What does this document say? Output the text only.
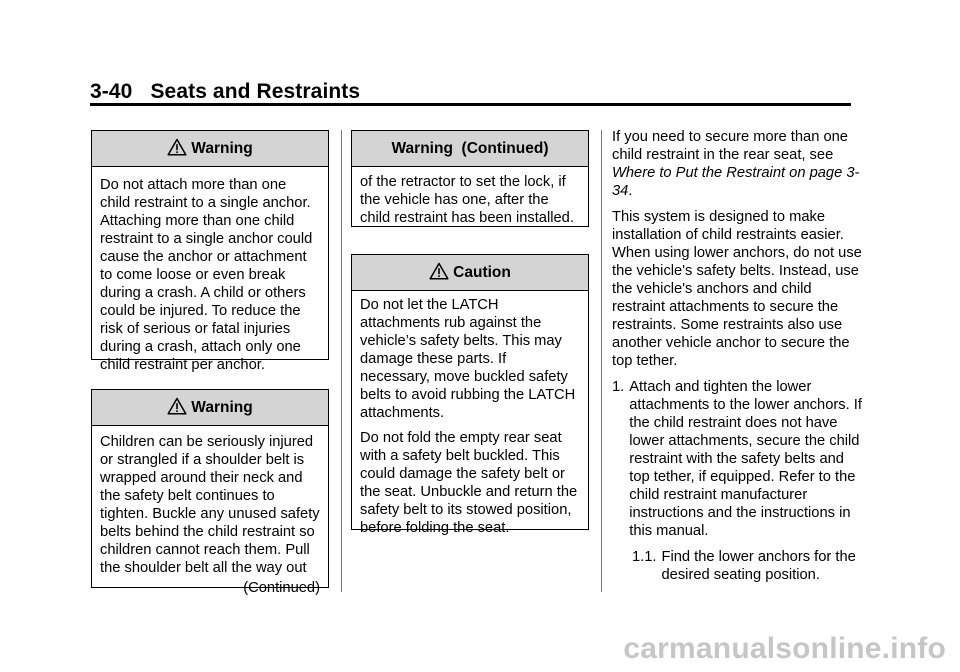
3-40 Seats and Restraints
Warning

Do not attach more than one child restraint to a single anchor. Attaching more than one child restraint to a single anchor could cause the anchor or attachment to come loose or even break during a crash. A child or others could be injured. To reduce the risk of serious or fatal injuries during a crash, attach only one child restraint per anchor.

Warning

Children can be seriously injured or strangled if a shoulder belt is wrapped around their neck and the safety belt continues to tighten. Buckle any unused safety belts behind the child restraint so children cannot reach them. Pull the shoulder belt all the way out

(Continued)
Warning  (Continued)

of the retractor to set the lock, if the vehicle has one, after the child restraint has been installed.

Caution

Do not let the LATCH attachments rub against the vehicle’s safety belts. This may damage these parts. If necessary, move buckled safety belts to avoid rubbing the LATCH attachments.

Do not fold the empty rear seat with a safety belt buckled. This could damage the safety belt or the seat. Unbuckle and return the safety belt to its stowed position, before folding the seat.

If you need to secure more than one child restraint in the rear seat, see Where to Put the Restraint on page 3-34.

This system is designed to make installation of child restraints easier. When using lower anchors, do not use the vehicle's safety belts. Instead, use the vehicle's anchors and child restraint attachments to secure the restraints. Some restraints also use another vehicle anchor to secure the top tether.

1. Attach and tighten the lower attachments to the lower anchors. If the child restraint does not have lower attachments, secure the child restraint with the safety belts and top tether, if equipped. Refer to the child restraint manufacturer instructions and the instructions in this manual.
1.1. Find the lower anchors for the desired seating position.
carmanualsonline.info
